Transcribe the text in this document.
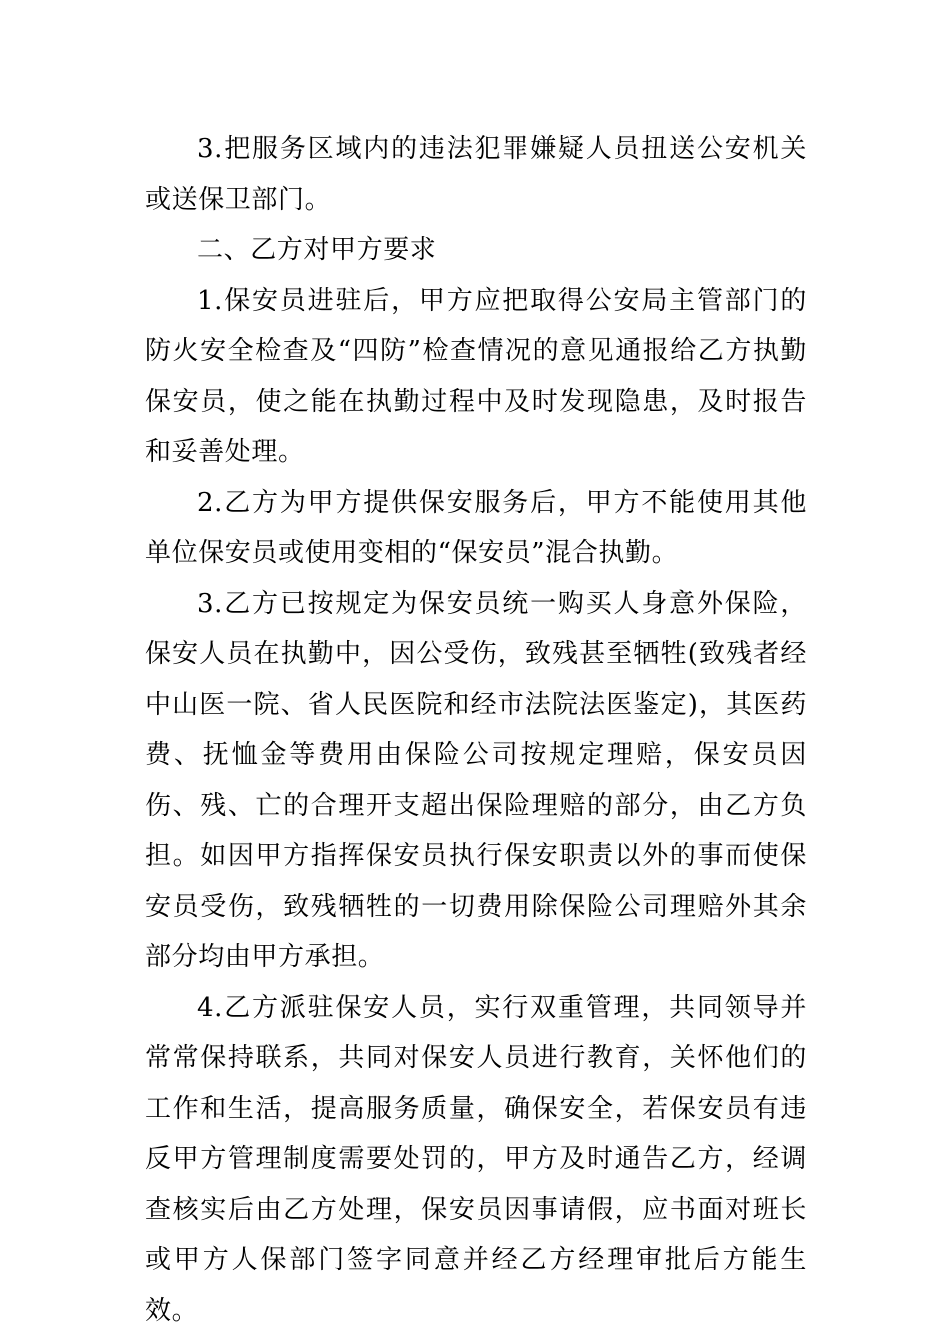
3.把服务区域内的违法犯罪嫌疑人员扭送公安机关或送保卫部门。

二、乙方对甲方要求

1.保安员进驻后，甲方应把取得公安局主管部门的防火安全检查及“四防”检查情况的意见通报给乙方执勤保安员，使之能在执勤过程中及时发现隐患，及时报告和妥善处理。

2.乙方为甲方提供保安服务后，甲方不能使用其他单位保安员或使用变相的“保安员”混合执勤。

3.乙方已按规定为保安员统一购买人身意外保险，保安人员在执勤中，因公受伤，致残甚至牺牲(致残者经中山医一院、省人民医院和经市法院法医鉴定)，其医药费、抚恤金等费用由保险公司按规定理赔，保安员因伤、残、亡的合理开支超出保险理赔的部分，由乙方负担。如因甲方指挥保安员执行保安职责以外的事而使保安员受伤，致残牺牲的一切费用除保险公司理赔外其余部分均由甲方承担。

4.乙方派驻保安人员，实行双重管理，共同领导并常常保持联系，共同对保安人员进行教育，关怀他们的工作和生活，提高服务质量，确保安全，若保安员有违反甲方管理制度需要处罚的，甲方及时通告乙方，经调查核实后由乙方处理，保安员因事请假，应书面对班长或甲方人保部门签字同意并经乙方经理审批后方能生效。
